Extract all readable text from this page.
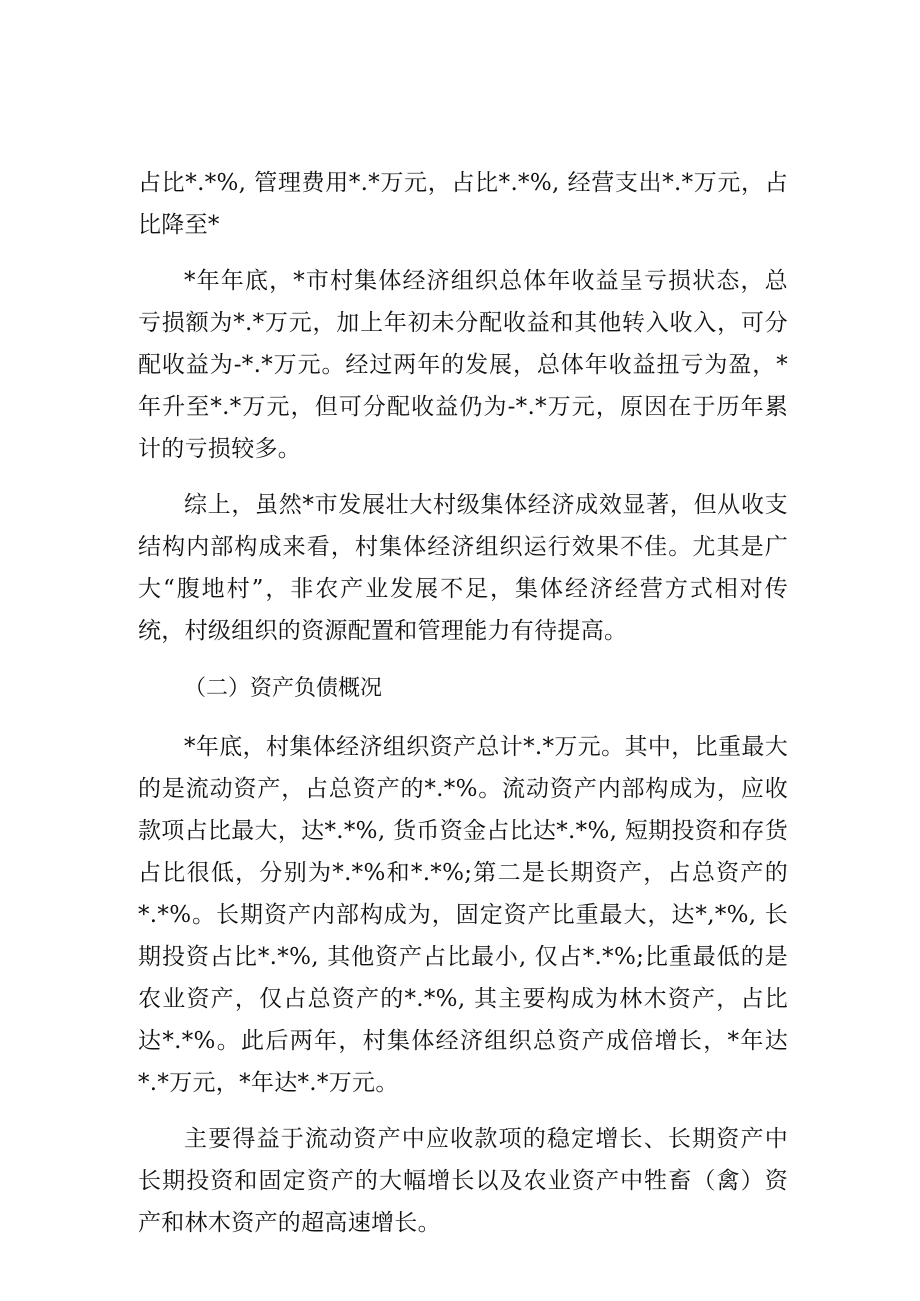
占比*.*%, 管理费用*.*万元，占比*.*%, 经营支出*.*万元，占比降至*

*年年底，*市村集体经济组织总体年收益呈亏损状态，总亏损额为*.*万元，加上年初未分配收益和其他转入收入，可分配收益为-*.*万元。经过两年的发展，总体年收益扭亏为盈，*年升至*.*万元，但可分配收益仍为-*.*万元，原因在于历年累计的亏损较多。

综上，虽然*市发展壮大村级集体经济成效显著，但从收支结构内部构成来看，村集体经济组织运行效果不佳。尤其是广大“腹地村”，非农产业发展不足，集体经济经营方式相对传统，村级组织的资源配置和管理能力有待提高。

（二）资产负债概况

*年底，村集体经济组织资产总计*.*万元。其中，比重最大的是流动资产，占总资产的*.*%。流动资产内部构成为，应收款项占比最大，达*.*%, 货币资金占比达*.*%, 短期投资和存货占比很低，分别为*.*%和*.*%;第二是长期资产，占总资产的*.*%。长期资产内部构成为，固定资产比重最大，达*,*%, 长期投资占比*.*%, 其他资产占比最小, 仅占*.*%;比重最低的是农业资产，仅占总资产的*.*%, 其主要构成为林木资产，占比达*.*%。此后两年，村集体经济组织总资产成倍增长，*年达*.*万元，*年达*.*万元。

主要得益于流动资产中应收款项的稳定增长、长期资产中长期投资和固定资产的大幅增长以及农业资产中牲畜（禽）资产和林木资产的超高速增长。
